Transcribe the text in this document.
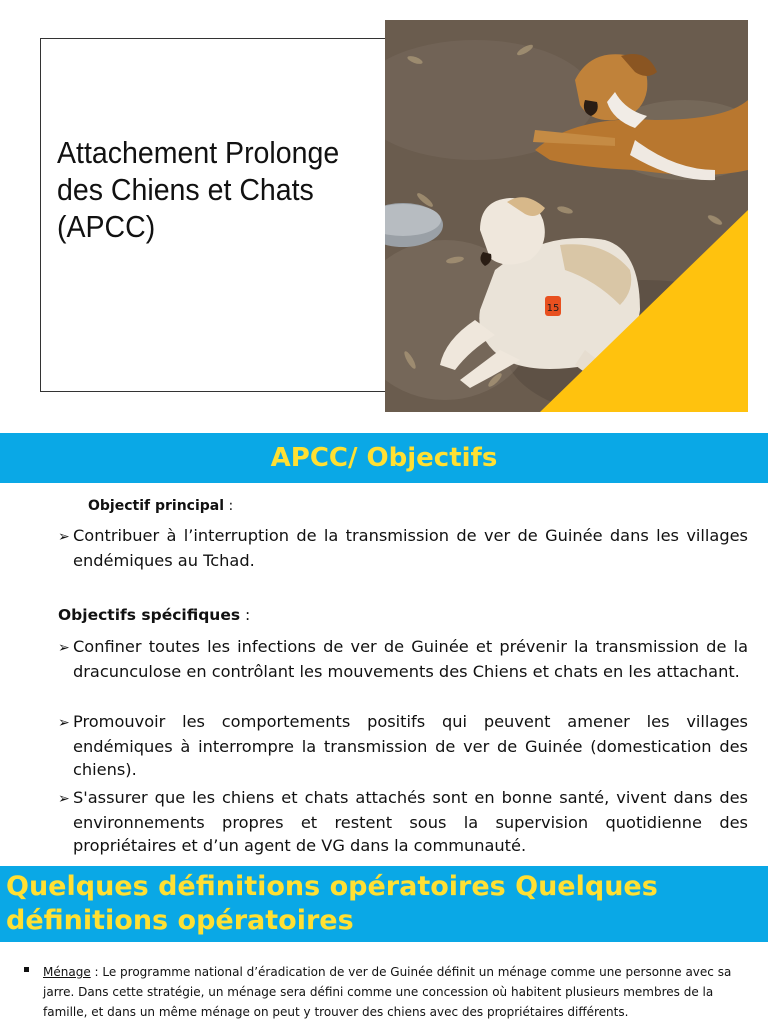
Attachement Prolonge
des Chiens et Chats
(APCC)
15
APCC/ Objectifs
Objectif principal :
➢ Contribuer à l’interruption de la transmission de ver de Guinée dans les villages endémiques au Tchad.
Objectifs spécifiques :
➢ Confiner toutes les infections de ver de Guinée et prévenir la transmission de la dracunculose en contrôlant les mouvements des Chiens et chats en les attachant.
➢ Promouvoir les comportements positifs qui peuvent amener les villages endémiques à interrompre la transmission de ver de Guinée (domestication des chiens).
➢ S'assurer que les chiens et chats attachés sont en bonne santé, vivent dans des environnements propres et restent sous la supervision quotidienne des propriétaires et d’un agent de VG dans la communauté.
Quelques définitions opératoires Quelques définitions opératoires
Ménage : Le programme national d’éradication de ver de Guinée définit un ménage comme une personne avec sa jarre. Dans cette stratégie, un ménage sera défini comme une concession où habitent plusieurs membres de la famille, et dans un même ménage on peut y trouver des chiens avec des propriétaires différents.
